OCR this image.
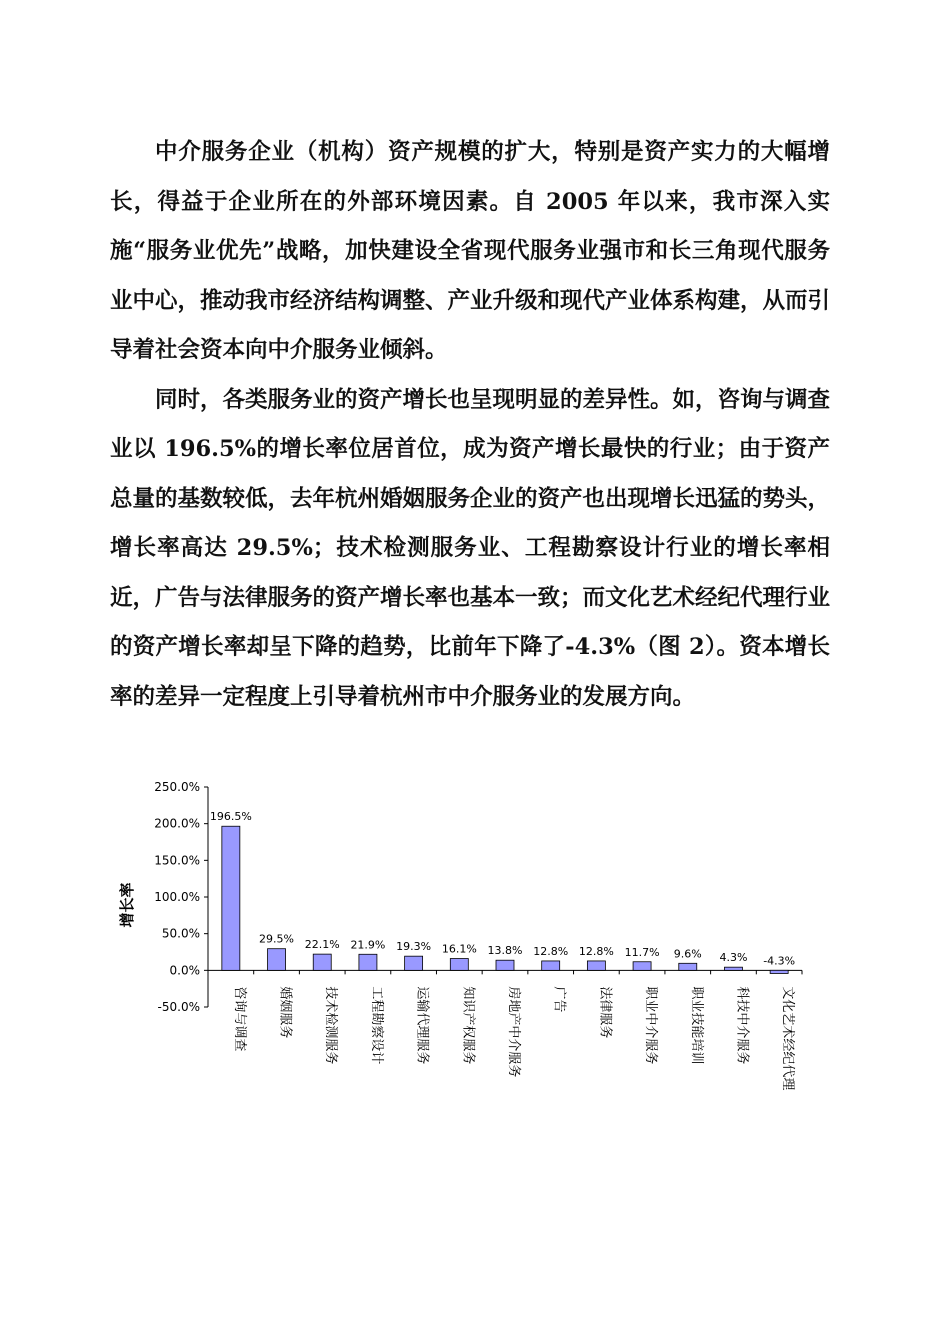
中介服务企业（机构）资产规模的扩大，特别是资产实力的大幅增长，得益于企业所在的外部环境因素。自 2005 年以来，我市深入实施“服务业优先”战略，加快建设全省现代服务业强市和长三角现代服务业中心，推动我市经济结构调整、产业升级和现代产业体系构建，从而引导着社会资本向中介服务业倾斜。

同时，各类服务业的资产增长也呈现明显的差异性。如，咨询与调查业以 196.5%的增长率位居首位，成为资产增长最快的行业；由于资产总量的基数较低，去年杭州婚姻服务企业的资产也出现增长迅猛的势头，增长率高达 29.5%；技术检测服务业、工程勘察设计行业的增长率相近，广告与法律服务的资产增长率也基本一致；而文化艺术经纪代理行业的资产增长率却呈下降的趋势，比前年下降了-4.3%（图 2）。资本增长率的差异一定程度上引导着杭州市中介服务业的发展方向。

250.0%
200.0%
150.0%
100.0%
50.0%
0.0%
-50.0%
增长率
196.5%
咨询与调查
29.5%
婚姻服务
22.1%
技术检测服务
21.9%
工程勘察设计
19.3%
运输代理服务
16.1%
知识产权服务
13.8%
房地产中介服务
12.8%
广告
12.8%
法律服务
11.7%
职业中介服务
9.6%
职业技能培训
4.3%
科技中介服务
-4.3%
文化艺术经纪代理
